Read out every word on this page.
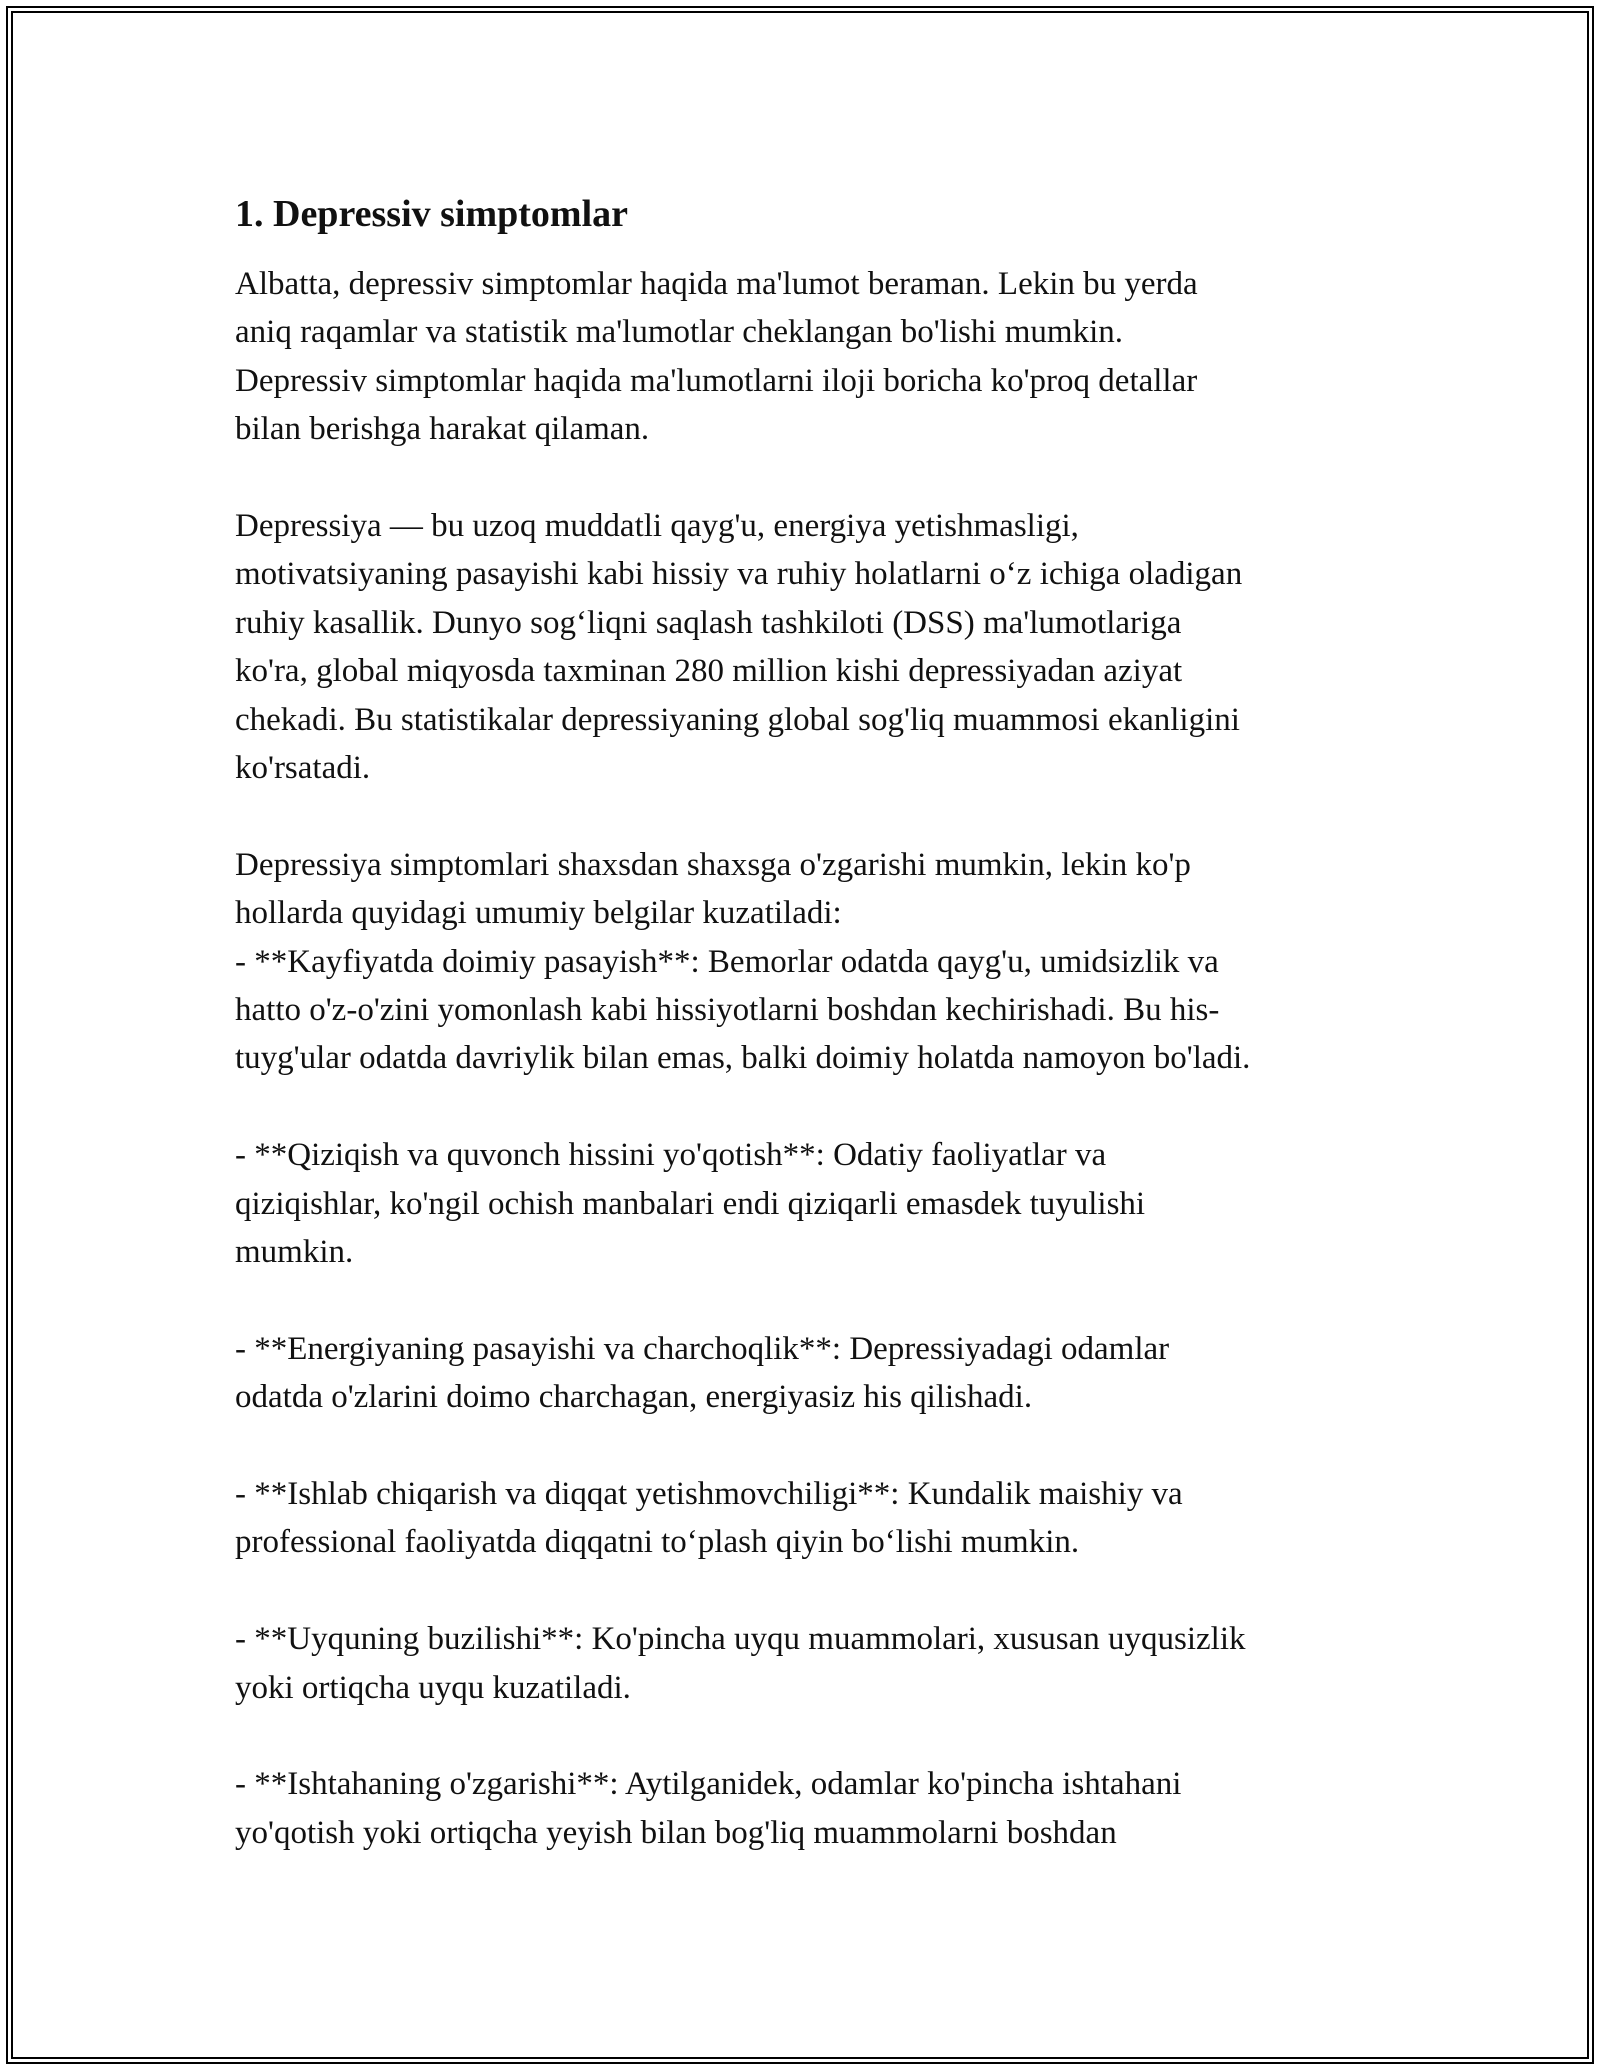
1. Depressiv simptomlar

Albatta, depressiv simptomlar haqida ma'lumot beraman. Lekin bu yerda
aniq raqamlar va statistik ma'lumotlar cheklangan bo'lishi mumkin.
Depressiv simptomlar haqida ma'lumotlarni iloji boricha ko'proq detallar
bilan berishga harakat qilaman.

Depressiya — bu uzoq muddatli qayg'u, energiya yetishmasligi,
motivatsiyaning pasayishi kabi hissiy va ruhiy holatlarni o‘z ichiga oladigan
ruhiy kasallik. Dunyo sog‘liqni saqlash tashkiloti (DSS) ma'lumotlariga
ko'ra, global miqyosda taxminan 280 million kishi depressiyadan aziyat
chekadi. Bu statistikalar depressiyaning global sog'liq muammosi ekanligini
ko'rsatadi.

Depressiya simptomlari shaxsdan shaxsga o'zgarishi mumkin, lekin ko'p
hollarda quyidagi umumiy belgilar kuzatiladi:
- **Kayfiyatda doimiy pasayish**: Bemorlar odatda qayg'u, umidsizlik va
hatto o'z-o'zini yomonlash kabi hissiyotlarni boshdan kechirishadi. Bu his-
tuyg'ular odatda davriylik bilan emas, balki doimiy holatda namoyon bo'ladi.

- **Qiziqish va quvonch hissini yo'qotish**: Odatiy faoliyatlar va
qiziqishlar, ko'ngil ochish manbalari endi qiziqarli emasdek tuyulishi
mumkin.

- **Energiyaning pasayishi va charchoqlik**: Depressiyadagi odamlar
odatda o'zlarini doimo charchagan, energiyasiz his qilishadi.

- **Ishlab chiqarish va diqqat yetishmovchiligi**: Kundalik maishiy va
professional faoliyatda diqqatni to‘plash qiyin bo‘lishi mumkin.

- **Uyquning buzilishi**: Ko'pincha uyqu muammolari, xususan uyqusizlik
yoki ortiqcha uyqu kuzatiladi.

- **Ishtahaning o'zgarishi**: Aytilganidek, odamlar ko'pincha ishtahani
yo'qotish yoki ortiqcha yeyish bilan bog'liq muammolarni boshdan
